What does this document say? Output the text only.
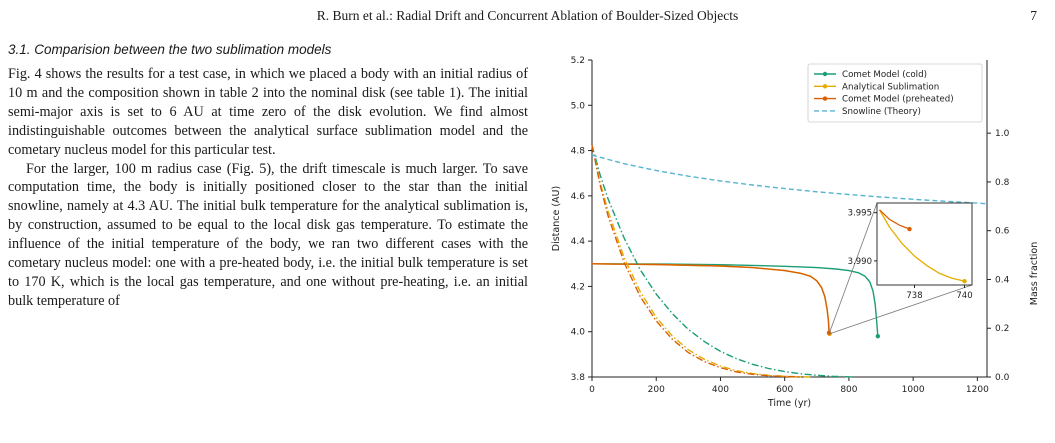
R. Burn et al.: Radial Drift and Concurrent Ablation of Boulder-Sized Objects	7
3.1. Comparision between the two sublimation models

Fig. 4 shows the results for a test case, in which we placed a body with an initial radius of 10 m and the composition shown in table 2 into the nominal disk (see table 1). The initial semi-major axis is set to 6 AU at time zero of the disk evolution. We find almost indistinguishable outcomes between the analytical surface sublimation model and the cometary nucleus model for this particular test.

For the larger, 100 m radius case (Fig. 5), the drift timescale is much larger. To save computation time, the body is initially positioned closer to the star than the initial snowline, namely at 4.3 AU. The initial bulk temperature for the analytical sublimation is, by construction, assumed to be equal to the local disk gas temperature. To estimate the influence of the initial temperature of the body, we ran two different cases with the cometary nucleus model: one with a pre-heated body, i.e. the initial bulk temperature is set to 170 K, which is the local gas temperature, and one without pre-heating, i.e. an initial bulk temperature of

0	200	400	600	800	1000	1200
3.8
4.0
4.2
4.4
4.6
4.8
5.0
5.2
0.0
0.2
0.4
0.6
0.8
1.0
Time (yr)
Distance (AU)
Mass fraction
738	740
3.990
3.995
Comet Model (cold)
Analytical Sublimation
Comet Model (preheated)
Snowline (Theory)
